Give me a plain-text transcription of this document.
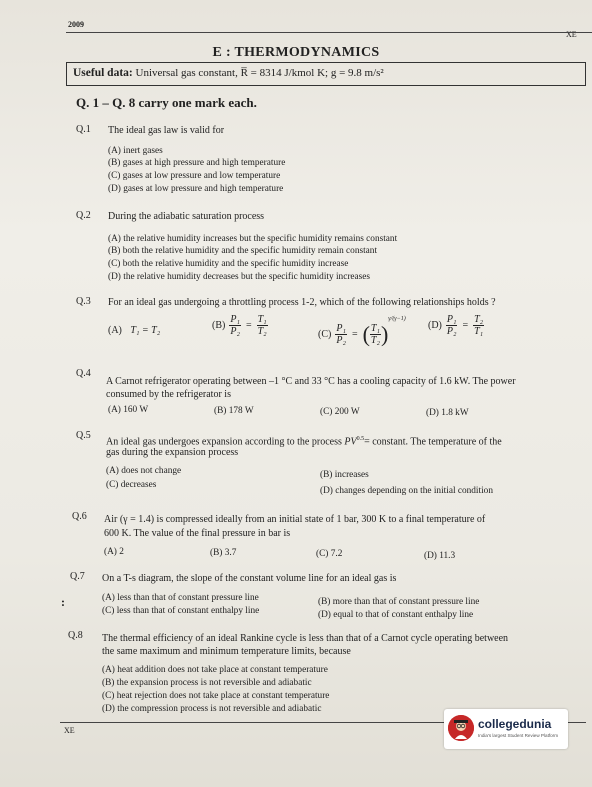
2009
XE
E : THERMODYNAMICS
Useful data: Universal gas constant, R̅ = 8314 J/kmol K; g = 9.8 m/s²
Q. 1 – Q. 8 carry one mark each.
Q.1 The ideal gas law is valid for
(A) inert gases
(B) gases at high pressure and high temperature
(C) gases at low pressure and low temperature
(D) gases at low pressure and high temperature
Q.2 During the adiabatic saturation process
(A) the relative humidity increases but the specific humidity remains constant
(B) both the relative humidity and the specific humidity remain constant
(C) both the relative humidity and the specific humidity increase
(D) the relative humidity decreases but the specific humidity increases
Q.3 For an ideal gas undergoing a throttling process 1-2, which of the following relationships holds ?
(A) T₁ = T₂	$(B) \frac{\text{P₁}}{\text{P₂}} = \frac{\text{T₁}}{\text{T₂}}$	$(C) \frac{\text{P₁}}{\text{P₂}}$ = ( $\frac{\text{T₁}}{\text{T₂}} )^{\gamma/(\gamma-1)}$
$(D) \frac{\text{P₁}}{\text{P₂}} = \frac{\text{T₂}}{\text{T₁}}$
Q.4
A Carnot refrigerator operating between –1 °C and 33 °C has a cooling capacity of 1.6 kW. The power
consumed by the refrigerator is
(A) 160 W	(B) 178 W	(C) 200 W	(D) 1.8 kW
Q.5
An ideal gas undergoes expansion according to the process $PV^{0.5}=$ constant. The temperature of the
gas during the expansion process
(A) does not change	(B) increases
(C) decreases
(D) changes depending on the initial condition
Q.6 Air (γ = 1.4) is compressed ideally from an initial state of 1 bar, 300 K to a final temperature of
600 K. The value of the final pressure in bar is
(A) 2	(B) 3.7	(C) 7.2	(D) 11.3
Q.7 On a T-s diagram, the slope of the constant volume line for an ideal gas is
:	(A) less than that of constant pressure line	(B) more than that of constant pressure line
(C) less than that of constant enthalpy line	(D) equal to that of constant enthalpy line
Q.8 The thermal efficiency of an ideal Rankine cycle is less than that of a Carnot cycle operating between
the same maximum and minimum temperature limits, because
(A) heat addition does not take place at constant temperature
(B) the expansion process is not reversible and adiabatic
(C) heat rejection does not take place at constant temperature
(D) the compression process is not reversible and adiabatic
XE	collegedunia
India's largest Student Review Platform
